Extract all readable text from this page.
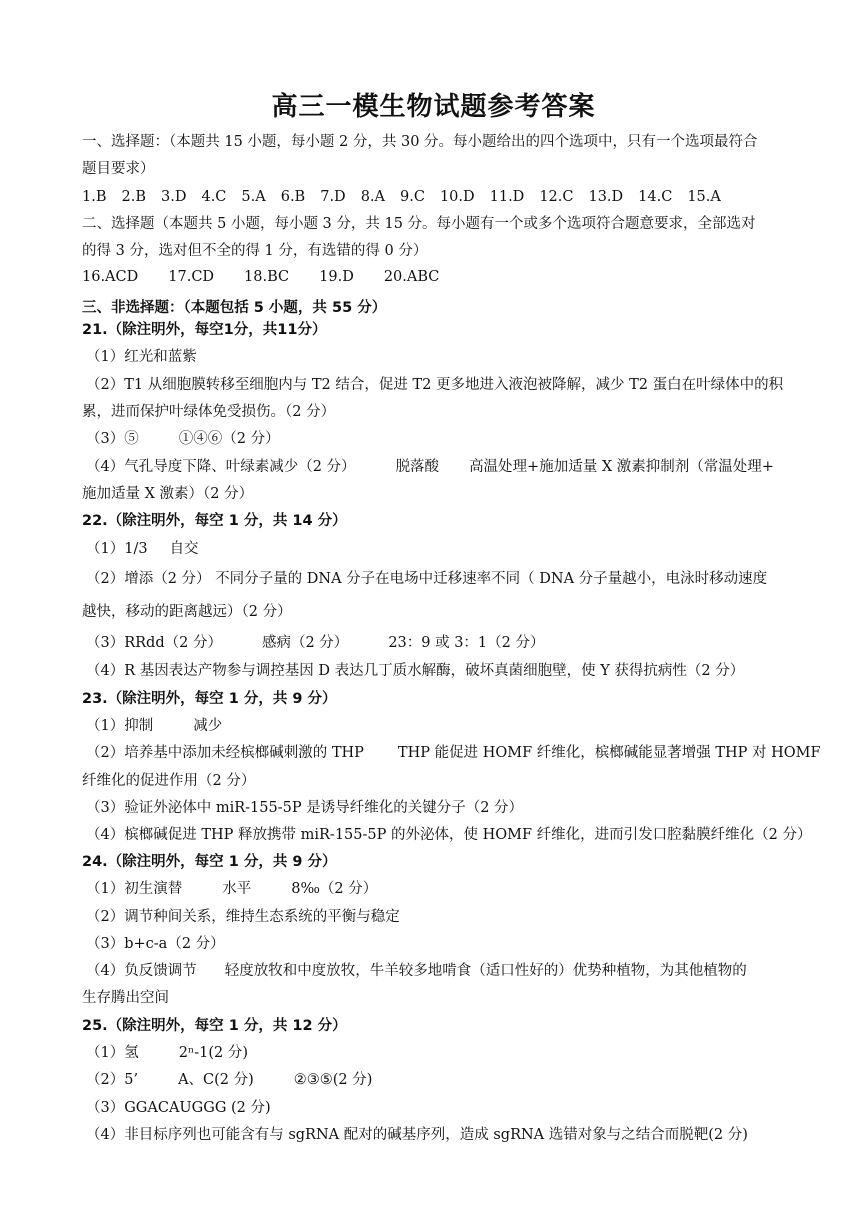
高三一模生物试题参考答案
一、选择题：（本题共 15 小题，每小题 2 分，共 30 分。每小题给出的四个选项中，只有一个选项最符合
题目要求）
1.B 2.B 3.D 4.C 5.A 6.B 7.D 8.A 9.C 10.D 11.D 12.C 13.D 14.C 15.A
二、选择题（本题共 5 小题，每小题 3 分，共 15 分。每小题有一个或多个选项符合题意要求，全部选对
的得 3 分，选对但不全的得 1 分，有选错的得 0 分）
16.ACD 17.CD 18.BC 19.D 20.ABC
三、非选择题：（本题包括 5 小题，共 55 分）
21.（除注明外，每空1分，共11分）
（1）红光和蓝紫
（2）T1 从细胞膜转移至细胞内与 T2 结合，促进 T2 更多地进入液泡被降解，减少 T2 蛋白在叶绿体中的积
累，进而保护叶绿体免受损伤。（2 分）
（3）⑤	①④⑥（2 分）
（4）气孔导度下降、叶绿素减少（2 分）	脱落酸 高温处理+施加适量 X 激素抑制剂（常温处理+
施加适量 X 激素）（2 分）
22.（除注明外，每空 1 分，共 14 分）
（1）1/3 自交
（2）增添（2 分） 不同分子量的 DNA 分子在电场中迁移速率不同（ DNA 分子量越小，电泳时移动速度
越快，移动的距离越远）（2 分）
（3）RRdd（2 分）	感病（2 分）	23：9 或 3：1（2 分）
（4）R 基因表达产物参与调控基因 D 表达几丁质水解酶，破坏真菌细胞壁，使 Y 获得抗病性（2 分）
23.（除注明外，每空 1 分，共 9 分）
（1）抑制	减少
（2）培养基中添加未经槟榔碱刺激的 THP THP 能促进 HOMF 纤维化，槟榔碱能显著增强 THP 对 HOMF
纤维化的促进作用（2 分）
（3）验证外泌体中 miR-155-5P 是诱导纤维化的关键分子（2 分）
（4）槟榔碱促进 THP 释放携带 miR-155-5P 的外泌体，使 HOMF 纤维化，进而引发口腔黏膜纤维化（2 分）
24.（除注明外，每空 1 分，共 9 分）
（1）初生演替	水平	8‰（2 分）
（2）调节种间关系，维持生态系统的平衡与稳定
（3）b+c-a（2 分）
（4）负反馈调节 轻度放牧和中度放牧，牛羊较多地啃食（适口性好的）优势种植物，为其他植物的
生存腾出空间
25.（除注明外，每空 1 分，共 12 分）
（1）氢	2ⁿ-1(2 分)
（2）5’	A、C(2 分)	②③⑤(2 分)
（3）GGACAUGGG (2 分)
（4）非目标序列也可能含有与 sgRNA 配对的碱基序列，造成 sgRNA 选错对象与之结合而脱靶(2 分)
